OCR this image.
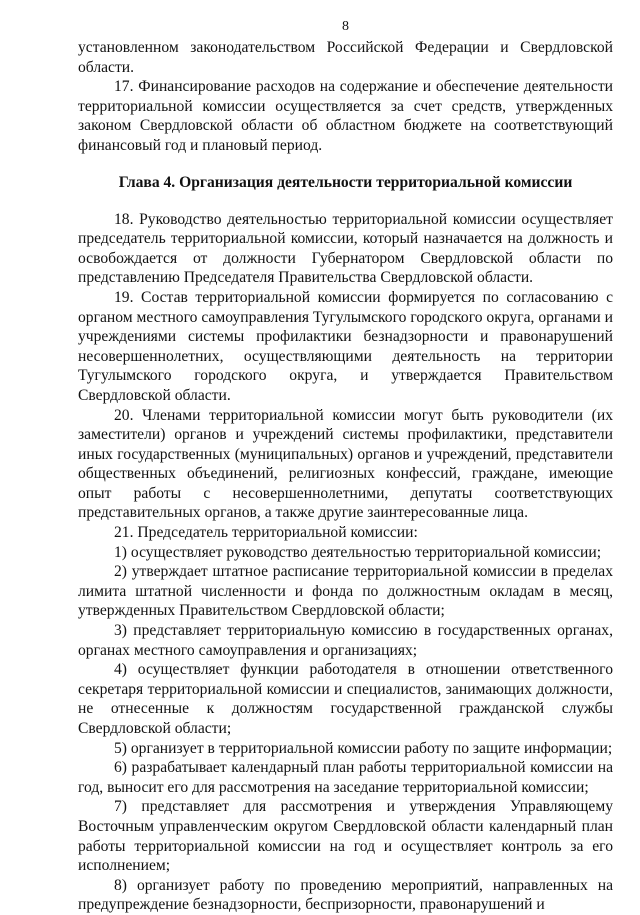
8

установленном законодательством Российской Федерации и Свердловской области.

17. Финансирование расходов на содержание и обеспечение деятельности территориальной комиссии осуществляется за счет средств, утвержденных законом Свердловской области об областном бюджете на соответствующий финансовый год и плановый период.

Глава 4. Организация деятельности территориальной комиссии

18. Руководство деятельностью территориальной комиссии осуществляет председатель территориальной комиссии, который назначается на должность и освобождается от должности Губернатором Свердловской области по представлению Председателя Правительства Свердловской области.

19. Состав территориальной комиссии формируется по согласованию с органом местного самоуправления Тугулымского городского округа, органами и учреждениями системы профилактики безнадзорности и правонарушений несовершеннолетних, осуществляющими деятельность на территории Тугулымского городского округа, и утверждается Правительством Свердловской области.

20. Членами территориальной комиссии могут быть руководители (их заместители) органов и учреждений системы профилактики, представители иных государственных (муниципальных) органов и учреждений, представители общественных объединений, религиозных конфессий, граждане, имеющие опыт работы с несовершеннолетними, депутаты соответствующих представительных органов, а также другие заинтересованные лица.

21. Председатель территориальной комиссии:

1) осуществляет руководство деятельностью территориальной комиссии;

2) утверждает штатное расписание территориальной комиссии в пределах лимита штатной численности и фонда по должностным окладам в месяц, утвержденных Правительством Свердловской области;

3) представляет территориальную комиссию в государственных органах, органах местного самоуправления и организациях;

4) осуществляет функции работодателя в отношении ответственного секретаря территориальной комиссии и специалистов, занимающих должности, не отнесенные к должностям государственной гражданской службы Свердловской области;

5) организует в территориальной комиссии работу по защите информации;

6) разрабатывает календарный план работы территориальной комиссии на год, выносит его для рассмотрения на заседание территориальной комиссии;

7) представляет для рассмотрения и утверждения Управляющему Восточным управленческим округом Свердловской области календарный план работы территориальной комиссии на год и осуществляет контроль за его исполнением;

8) организует работу по проведению мероприятий, направленных на предупреждение безнадзорности, беспризорности, правонарушений и
